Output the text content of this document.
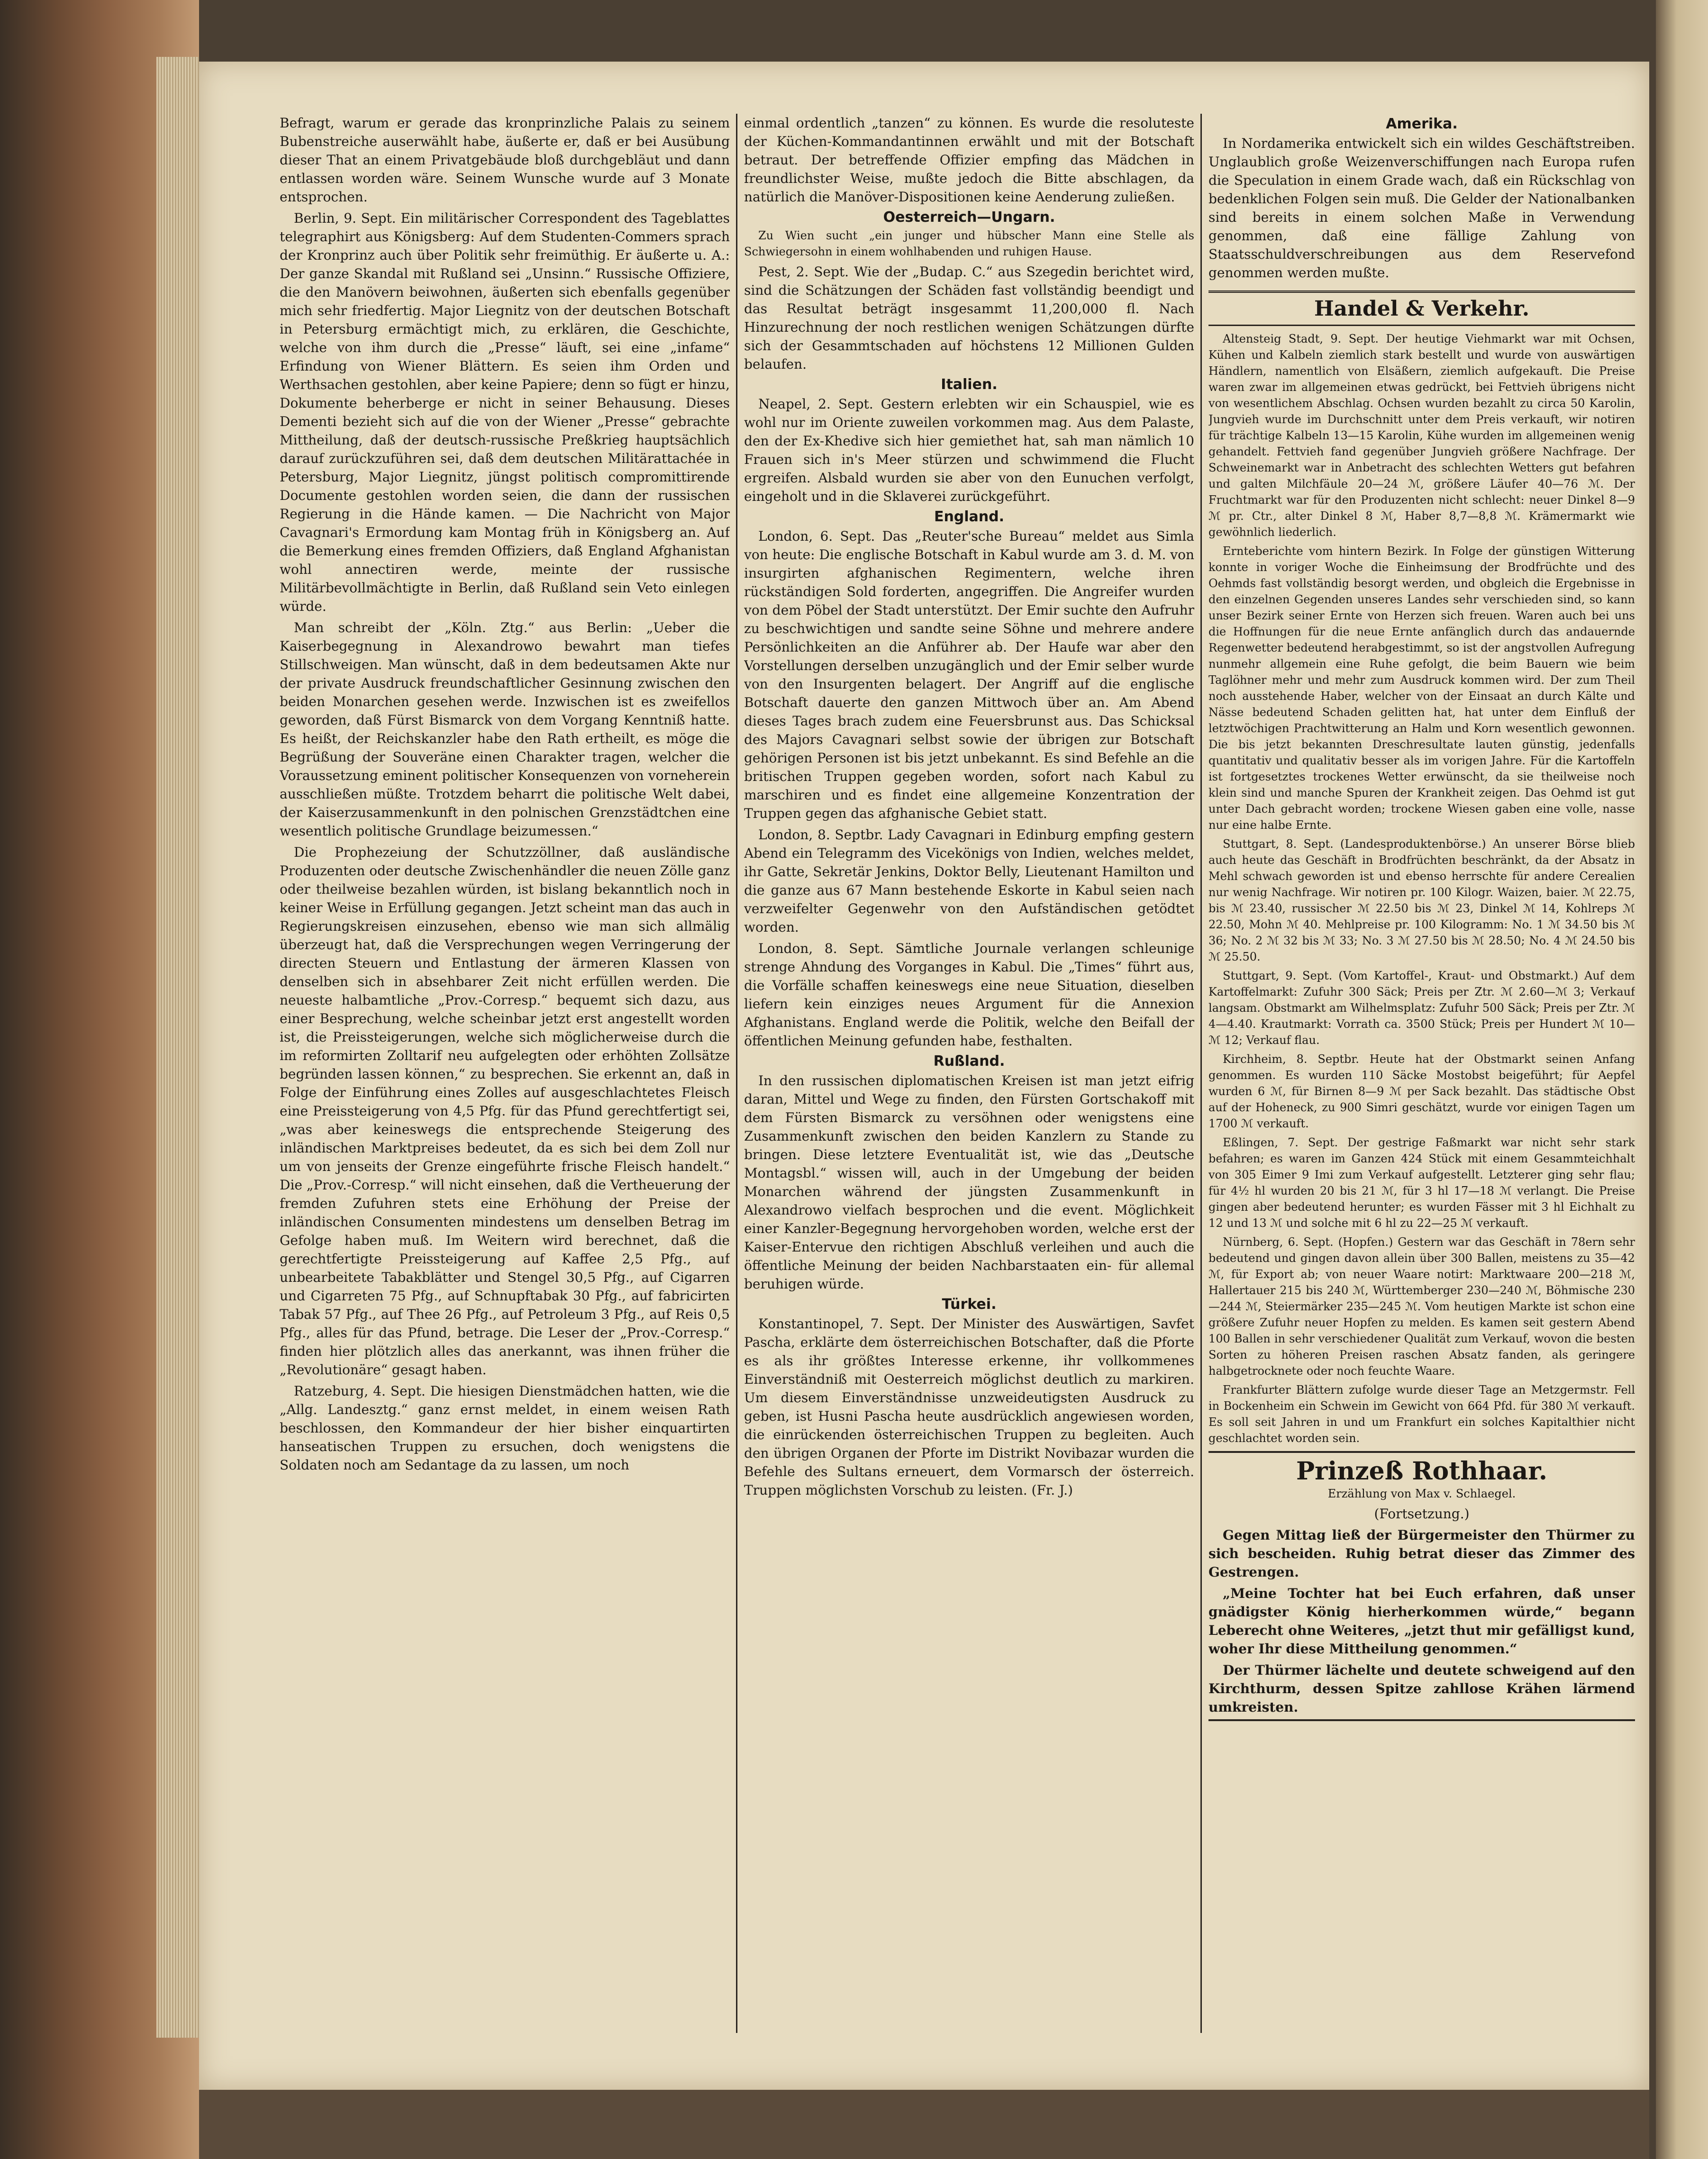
Befragt, warum er gerade das kronprinzliche Palais zu seinem Bubenstreiche auserwählt habe, äußerte er, daß er bei Ausübung dieser That an einem Privatgebäude bloß durchgebläut und dann entlassen worden wäre. Seinem Wunsche wurde auf 3 Monate entsprochen.

Berlin, 9. Sept. Ein militärischer Correspondent des Tageblattes telegraphirt aus Königsberg: Auf dem Studenten-Commers sprach der Kronprinz auch über Politik sehr freimüthig. Er äußerte u. A.: Der ganze Skandal mit Rußland sei „Unsinn.“ Russische Offiziere, die den Manövern beiwohnen, äußerten sich ebenfalls gegenüber mich sehr friedfertig. Major Liegnitz von der deutschen Botschaft in Petersburg ermächtigt mich, zu erklären, die Geschichte, welche von ihm durch die „Presse“ läuft, sei eine „infame“ Erfindung von Wiener Blättern. Es seien ihm Orden und Werthsachen gestohlen, aber keine Papiere; denn so fügt er hinzu, Dokumente beherberge er nicht in seiner Behausung. Dieses Dementi bezieht sich auf die von der Wiener „Presse“ gebrachte Mittheilung, daß der deutsch-russische Preßkrieg hauptsächlich darauf zurückzuführen sei, daß dem deutschen Militärattachée in Petersburg, Major Liegnitz, jüngst politisch compromittirende Documente gestohlen worden seien, die dann der russischen Regierung in die Hände kamen. — Die Nachricht von Major Cavagnari's Ermordung kam Montag früh in Königsberg an. Auf die Bemerkung eines fremden Offiziers, daß England Afghanistan wohl annectiren werde, meinte der russische Militärbevollmächtigte in Berlin, daß Rußland sein Veto einlegen würde.

Man schreibt der „Köln. Ztg.“ aus Berlin: „Ueber die Kaiserbegegnung in Alexandrowo bewahrt man tiefes Stillschweigen. Man wünscht, daß in dem bedeutsamen Akte nur der private Ausdruck freundschaftlicher Gesinnung zwischen den beiden Monarchen gesehen werde. Inzwischen ist es zweifellos geworden, daß Fürst Bismarck von dem Vorgang Kenntniß hatte. Es heißt, der Reichskanzler habe den Rath ertheilt, es möge die Begrüßung der Souveräne einen Charakter tragen, welcher die Voraussetzung eminent politischer Konsequenzen von vorneherein ausschließen müßte. Trotzdem beharrt die politische Welt dabei, der Kaiserzusammenkunft in den polnischen Grenzstädtchen eine wesentlich politische Grundlage beizumessen.“

Die Prophezeiung der Schutzzöllner, daß ausländische Produzenten oder deutsche Zwischenhändler die neuen Zölle ganz oder theilweise bezahlen würden, ist bislang bekanntlich noch in keiner Weise in Erfüllung gegangen. Jetzt scheint man das auch in Regierungskreisen einzusehen, ebenso wie man sich allmälig überzeugt hat, daß die Versprechungen wegen Verringerung der directen Steuern und Entlastung der ärmeren Klassen von denselben sich in absehbarer Zeit nicht erfüllen werden. Die neueste halbamtliche „Prov.-Corresp.“ bequemt sich dazu, aus einer Besprechung, welche scheinbar jetzt erst angestellt worden ist, die Preissteigerungen, welche sich möglicherweise durch die im reformirten Zolltarif neu aufgelegten oder erhöhten Zollsätze begründen lassen können,“ zu besprechen. Sie erkennt an, daß in Folge der Einführung eines Zolles auf ausgeschlachtetes Fleisch eine Preissteigerung von 4,5 Pfg. für das Pfund gerechtfertigt sei, „was aber keineswegs die entsprechende Steigerung des inländischen Marktpreises bedeutet, da es sich bei dem Zoll nur um von jenseits der Grenze eingeführte frische Fleisch handelt.“ Die „Prov.-Corresp.“ will nicht einsehen, daß die Vertheuerung der fremden Zufuhren stets eine Erhöhung der Preise der inländischen Consumenten mindestens um denselben Betrag im Gefolge haben muß. Im Weitern wird berechnet, daß die gerechtfertigte Preissteigerung auf Kaffee 2,5 Pfg., auf unbearbeitete Tabakblätter und Stengel 30,5 Pfg., auf Cigarren und Cigarreten 75 Pfg., auf Schnupftabak 30 Pfg., auf fabricirten Tabak 57 Pfg., auf Thee 26 Pfg., auf Petroleum 3 Pfg., auf Reis 0,5 Pfg., alles für das Pfund, betrage. Die Leser der „Prov.-Corresp.“ finden hier plötzlich alles das anerkannt, was ihnen früher die „Revolutionäre“ gesagt haben.

Ratzeburg, 4. Sept. Die hiesigen Dienstmädchen hatten, wie die „Allg. Landesztg.“ ganz ernst meldet, in einem weisen Rath beschlossen, den Kommandeur der hier bisher einquartirten hanseatischen Truppen zu ersuchen, doch wenigstens die Soldaten noch am Sedantage da zu lassen, um noch

einmal ordentlich „tanzen“ zu können. Es wurde die resoluteste der Küchen-Kommandantinnen erwählt und mit der Botschaft betraut. Der betreffende Offizier empfing das Mädchen in freundlichster Weise, mußte jedoch die Bitte abschlagen, da natürlich die Manöver-Dispositionen keine Aenderung zuließen.

Oesterreich—Ungarn.

Zu Wien sucht „ein junger und hübscher Mann eine Stelle als Schwiegersohn in einem wohlhabenden und ruhigen Hause.

Pest, 2. Sept. Wie der „Budap. C.“ aus Szegedin berichtet wird, sind die Schätzungen der Schäden fast vollständig beendigt und das Resultat beträgt insgesammt 11,200,000 fl. Nach Hinzurechnung der noch restlichen wenigen Schätzungen dürfte sich der Gesammtschaden auf höchstens 12 Millionen Gulden belaufen.

Italien.

Neapel, 2. Sept. Gestern erlebten wir ein Schauspiel, wie es wohl nur im Oriente zuweilen vorkommen mag. Aus dem Palaste, den der Ex-Khedive sich hier gemiethet hat, sah man nämlich 10 Frauen sich in's Meer stürzen und schwimmend die Flucht ergreifen. Alsbald wurden sie aber von den Eunuchen verfolgt, eingeholt und in die Sklaverei zurückgeführt.

England.

London, 6. Sept. Das „Reuter'sche Bureau“ meldet aus Simla von heute: Die englische Botschaft in Kabul wurde am 3. d. M. von insurgirten afghanischen Regimentern, welche ihren rückständigen Sold forderten, angegriffen. Die Angreifer wurden von dem Pöbel der Stadt unterstützt. Der Emir suchte den Aufruhr zu beschwichtigen und sandte seine Söhne und mehrere andere Persönlichkeiten an die Anführer ab. Der Haufe war aber den Vorstellungen derselben unzugänglich und der Emir selber wurde von den Insurgenten belagert. Der Angriff auf die englische Botschaft dauerte den ganzen Mittwoch über an. Am Abend dieses Tages brach zudem eine Feuersbrunst aus. Das Schicksal des Majors Cavagnari selbst sowie der übrigen zur Botschaft gehörigen Personen ist bis jetzt unbekannt. Es sind Befehle an die britischen Truppen gegeben worden, sofort nach Kabul zu marschiren und es findet eine allgemeine Konzentration der Truppen gegen das afghanische Gebiet statt.

London, 8. Septbr. Lady Cavagnari in Edinburg empfing gestern Abend ein Telegramm des Vicekönigs von Indien, welches meldet, ihr Gatte, Sekretär Jenkins, Doktor Belly, Lieutenant Hamilton und die ganze aus 67 Mann bestehende Eskorte in Kabul seien nach verzweifelter Gegenwehr von den Aufständischen getödtet worden.

London, 8. Sept. Sämtliche Journale verlangen schleunige strenge Ahndung des Vorganges in Kabul. Die „Times“ führt aus, die Vorfälle schaffen keineswegs eine neue Situation, dieselben liefern kein einziges neues Argument für die Annexion Afghanistans. England werde die Politik, welche den Beifall der öffentlichen Meinung gefunden habe, festhalten.

Rußland.

In den russischen diplomatischen Kreisen ist man jetzt eifrig daran, Mittel und Wege zu finden, den Fürsten Gortschakoff mit dem Fürsten Bismarck zu versöhnen oder wenigstens eine Zusammenkunft zwischen den beiden Kanzlern zu Stande zu bringen. Diese letztere Eventualität ist, wie das „Deutsche Montagsbl.“ wissen will, auch in der Umgebung der beiden Monarchen während der jüngsten Zusammenkunft in Alexandrowo vielfach besprochen und die event. Möglichkeit einer Kanzler-Begegnung hervorgehoben worden, welche erst der Kaiser-Entervue den richtigen Abschluß verleihen und auch die öffentliche Meinung der beiden Nachbarstaaten ein- für allemal beruhigen würde.

Türkei.

Konstantinopel, 7. Sept. Der Minister des Auswärtigen, Savfet Pascha, erklärte dem österreichischen Botschafter, daß die Pforte es als ihr größtes Interesse erkenne, ihr vollkommenes Einverständniß mit Oesterreich möglichst deutlich zu markiren. Um diesem Einverständnisse unzweideutigsten Ausdruck zu geben, ist Husni Pascha heute ausdrücklich angewiesen worden, die einrückenden österreichischen Truppen zu begleiten. Auch den übrigen Organen der Pforte im Distrikt Novibazar wurden die Befehle des Sultans erneuert, dem Vormarsch der österreich. Truppen möglichsten Vorschub zu leisten. (Fr. J.)

Amerika.

In Nordamerika entwickelt sich ein wildes Geschäftstreiben. Unglaublich große Weizenverschiffungen nach Europa rufen die Speculation in einem Grade wach, daß ein Rückschlag von bedenklichen Folgen sein muß. Die Gelder der Nationalbanken sind bereits in einem solchen Maße in Verwendung genommen, daß eine fällige Zahlung von Staatsschuldverschreibungen aus dem Reservefond genommen werden mußte.

Handel & Verkehr.

Altensteig Stadt, 9. Sept. Der heutige Viehmarkt war mit Ochsen, Kühen und Kalbeln ziemlich stark bestellt und wurde von auswärtigen Händlern, namentlich von Elsäßern, ziemlich aufgekauft. Die Preise waren zwar im allgemeinen etwas gedrückt, bei Fettvieh übrigens nicht von wesentlichem Abschlag. Ochsen wurden bezahlt zu circa 50 Karolin, Jungvieh wurde im Durchschnitt unter dem Preis verkauft, wir notiren für trächtige Kalbeln 13—15 Karolin, Kühe wurden im allgemeinen wenig gehandelt. Fettvieh fand gegenüber Jungvieh größere Nachfrage. Der Schweinemarkt war in Anbetracht des schlechten Wetters gut befahren und galten Milchfäule 20—24 ℳ, größere Läufer 40—76 ℳ. Der Fruchtmarkt war für den Produzenten nicht schlecht: neuer Dinkel 8—9 ℳ pr. Ctr., alter Dinkel 8 ℳ, Haber 8,7—8,8 ℳ. Krämermarkt wie gewöhnlich liederlich.

Ernteberichte vom hintern Bezirk. In Folge der günstigen Witterung konnte in voriger Woche die Einheimsung der Brodfrüchte und des Oehmds fast vollständig besorgt werden, und obgleich die Ergebnisse in den einzelnen Gegenden unseres Landes sehr verschieden sind, so kann unser Bezirk seiner Ernte von Herzen sich freuen. Waren auch bei uns die Hoffnungen für die neue Ernte anfänglich durch das andauernde Regenwetter bedeutend herabgestimmt, so ist der angstvollen Aufregung nunmehr allgemein eine Ruhe gefolgt, die beim Bauern wie beim Taglöhner mehr und mehr zum Ausdruck kommen wird. Der zum Theil noch ausstehende Haber, welcher von der Einsaat an durch Kälte und Nässe bedeutend Schaden gelitten hat, hat unter dem Einfluß der letztwöchigen Prachtwitterung an Halm und Korn wesentlich gewonnen. Die bis jetzt bekannten Dreschresultate lauten günstig, jedenfalls quantitativ und qualitativ besser als im vorigen Jahre. Für die Kartoffeln ist fortgesetztes trockenes Wetter erwünscht, da sie theilweise noch klein sind und manche Spuren der Krankheit zeigen. Das Oehmd ist gut unter Dach gebracht worden; trockene Wiesen gaben eine volle, nasse nur eine halbe Ernte.

Stuttgart, 8. Sept. (Landesproduktenbörse.) An unserer Börse blieb auch heute das Geschäft in Brodfrüchten beschränkt, da der Absatz in Mehl schwach geworden ist und ebenso herrschte für andere Cerealien nur wenig Nachfrage. Wir notiren pr. 100 Kilogr. Waizen, baier. ℳ 22.75, bis ℳ 23.40, russischer ℳ 22.50 bis ℳ 23, Dinkel ℳ 14, Kohlreps ℳ 22.50, Mohn ℳ 40. Mehlpreise pr. 100 Kilogramm: No. 1 ℳ 34.50 bis ℳ 36; No. 2 ℳ 32 bis ℳ 33; No. 3 ℳ 27.50 bis ℳ 28.50; No. 4 ℳ 24.50 bis ℳ 25.50.

Stuttgart, 9. Sept. (Vom Kartoffel-, Kraut- und Obstmarkt.) Auf dem Kartoffelmarkt: Zufuhr 300 Säck; Preis per Ztr. ℳ 2.60—ℳ 3; Verkauf langsam. Obstmarkt am Wilhelmsplatz: Zufuhr 500 Säck; Preis per Ztr. ℳ 4—4.40. Krautmarkt: Vorrath ca. 3500 Stück; Preis per Hundert ℳ 10—ℳ 12; Verkauf flau.

Kirchheim, 8. Septbr. Heute hat der Obstmarkt seinen Anfang genommen. Es wurden 110 Säcke Mostobst beigeführt; für Aepfel wurden 6 ℳ, für Birnen 8—9 ℳ per Sack bezahlt. Das städtische Obst auf der Hoheneck, zu 900 Simri geschätzt, wurde vor einigen Tagen um 1700 ℳ verkauft.

Eßlingen, 7. Sept. Der gestrige Faßmarkt war nicht sehr stark befahren; es waren im Ganzen 424 Stück mit einem Gesammteichhalt von 305 Eimer 9 Imi zum Verkauf aufgestellt. Letzterer ging sehr flau; für 4½ hl wurden 20 bis 21 ℳ, für 3 hl 17—18 ℳ verlangt. Die Preise gingen aber bedeutend herunter; es wurden Fässer mit 3 hl Eichhalt zu 12 und 13 ℳ und solche mit 6 hl zu 22—25 ℳ verkauft.

Nürnberg, 6. Sept. (Hopfen.) Gestern war das Geschäft in 78ern sehr bedeutend und gingen davon allein über 300 Ballen, meistens zu 35—42 ℳ, für Export ab; von neuer Waare notirt: Marktwaare 200—218 ℳ, Hallertauer 215 bis 240 ℳ, Württemberger 230—240 ℳ, Böhmische 230—244 ℳ, Steiermärker 235—245 ℳ. Vom heutigen Markte ist schon eine größere Zufuhr neuer Hopfen zu melden. Es kamen seit gestern Abend 100 Ballen in sehr verschiedener Qualität zum Verkauf, wovon die besten Sorten zu höheren Preisen raschen Absatz fanden, als geringere halbgetrocknete oder noch feuchte Waare.

Frankfurter Blättern zufolge wurde dieser Tage an Metzgermstr. Fell in Bockenheim ein Schwein im Gewicht von 664 Pfd. für 380 ℳ verkauft. Es soll seit Jahren in und um Frankfurt ein solches Kapitalthier nicht geschlachtet worden sein.

Prinzeß Rothhaar.

Erzählung von Max v. Schlaegel.

(Fortsetzung.)

Gegen Mittag ließ der Bürgermeister den Thürmer zu sich bescheiden. Ruhig betrat dieser das Zimmer des Gestrengen.

„Meine Tochter hat bei Euch erfahren, daß unser gnädigster König hierherkommen würde,“ begann Leberecht ohne Weiteres, „jetzt thut mir gefälligst kund, woher Ihr diese Mittheilung genommen.“

Der Thürmer lächelte und deutete schweigend auf den Kirchthurm, dessen Spitze zahllose Krähen lärmend umkreisten.
